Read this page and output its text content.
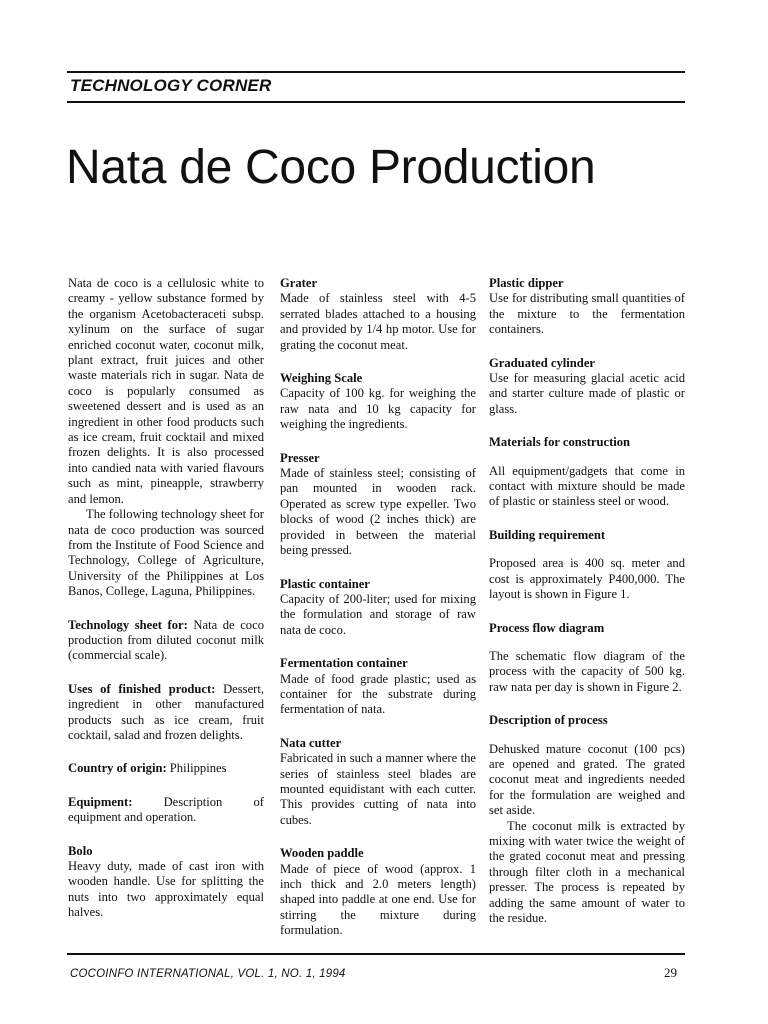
TECHNOLOGY CORNER
Nata de Coco Production

Nata de coco is a cellulosic white to creamy - yellow substance formed by the organism Acetobacteraceti subsp. xylinum on the surface of sugar enriched coconut water, coconut milk, plant extract, fruit juices and other waste materials rich in sugar. Nata de coco is popularly consumed as sweetened dessert and is used as an ingredient in other food products such as ice cream, fruit cocktail and mixed frozen delights. It is also processed into candied nata with varied flavours such as mint, pineapple, strawberry and lemon.

The following technology sheet for nata de coco production was sourced from the Institute of Food Science and Technology, College of Agriculture, University of the Philippines at Los Banos, College, Laguna, Philippines.

Technology sheet for: Nata de coco production from diluted coconut milk (commercial scale).

Uses of finished product: Dessert, ingredient in other manufactured products such as ice cream, fruit cocktail, salad and frozen delights.

Country of origin: Philippines

Equipment: Description of equipment and operation.

Bolo

Heavy duty, made of cast iron with wooden handle. Use for splitting the nuts into two approximately equal halves.

Grater

Made of stainless steel with 4-5 serrated blades attached to a housing and provided by 1/4 hp motor. Use for grating the coconut meat.

Weighing Scale

Capacity of 100 kg. for weighing the raw nata and 10 kg capacity for weighing the ingredients.

Presser

Made of stainless steel; consisting of pan mounted in wooden rack. Operated as screw type expeller. Two blocks of wood (2 inches thick) are provided in between the material being pressed.

Plastic container

Capacity of 200-liter; used for mixing the formulation and storage of raw nata de coco.

Fermentation container

Made of food grade plastic; used as container for the substrate during fermentation of nata.

Nata cutter

Fabricated in such a manner where the series of stainless steel blades are mounted equidistant with each cutter. This provides cutting of nata into cubes.

Wooden paddle

Made of piece of wood (approx. 1 inch thick and 2.0 meters length) shaped into paddle at one end. Use for stirring the mixture during formulation.

Plastic dipper

Use for distributing small quantities of the mixture to the fermentation containers.

Graduated cylinder

Use for measuring glacial acetic acid and starter culture made of plastic or glass.

Materials for construction

All equipment/gadgets that come in contact with mixture should be made of plastic or stainless steel or wood.

Building requirement

Proposed area is 400 sq. meter and cost is approximately P400,000. The layout is shown in Figure 1.

Process flow diagram

The schematic flow diagram of the process with the capacity of 500 kg. raw nata per day is shown in Figure 2.

Description of process

Dehusked mature coconut (100 pcs) are opened and grated. The grated coconut meat and ingredients needed for the formulation are weighed and set aside.

The coconut milk is extracted by mixing with water twice the weight of the grated coconut meat and pressing through filter cloth in a mechanical presser. The process is repeated by adding the same amount of water to the residue.

COCOINFO INTERNATIONAL, VOL. 1, NO. 1, 1994	29
